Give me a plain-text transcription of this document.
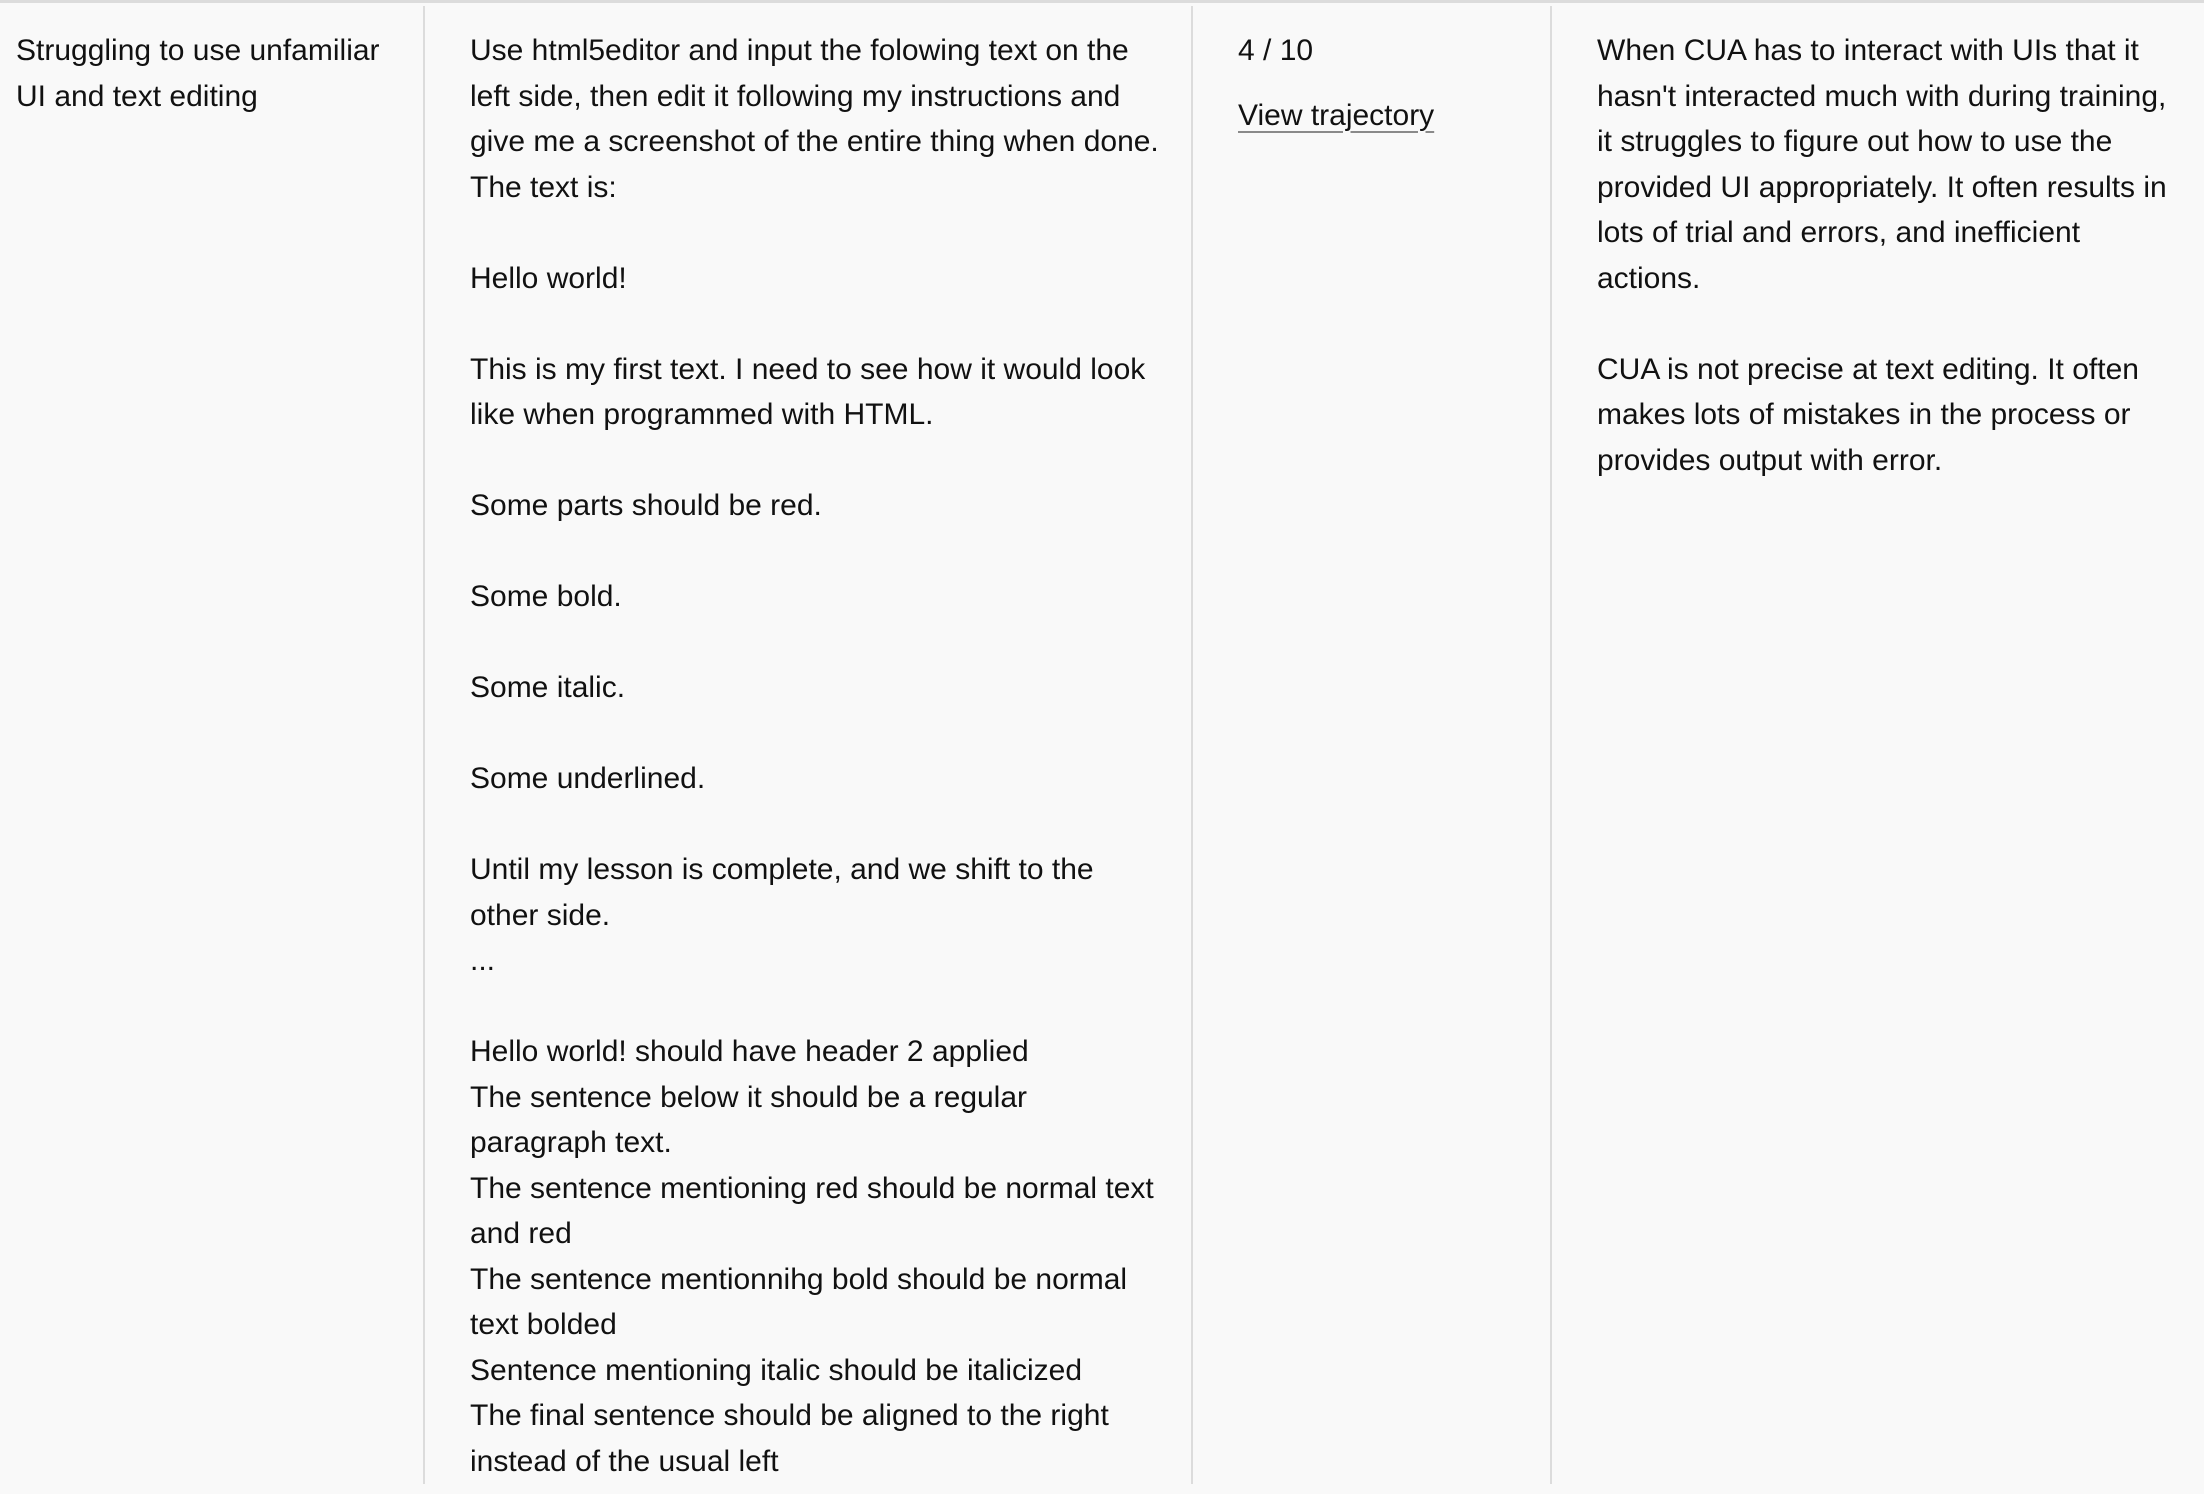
Struggling to use unfamiliar UI and text editing

Use html5editor and input the folowing text on the left side, then edit it following my instructions and give me a screenshot of the entire thing when done. The text is:

Hello world!

This is my first text. I need to see how it would look like when programmed with HTML.

Some parts should be red.

Some bold.

Some italic.

Some underlined.

Until my lesson is complete, and we shift to the other side.

...

Hello world! should have header 2 applied

The sentence below it should be a regular paragraph text.

The sentence mentioning red should be normal text and red

The sentence mentionnihg bold should be normal text bolded

Sentence mentioning italic should be italicized

The final sentence should be aligned to the right instead of the usual left

4 / 10
View trajectory

When CUA has to interact with UIs that it hasn't interacted much with during training, it struggles to figure out how to use the provided UI appropriately. It often results in lots of trial and errors, and inefficient actions.

CUA is not precise at text editing. It often makes lots of mistakes in the process or provides output with error.
